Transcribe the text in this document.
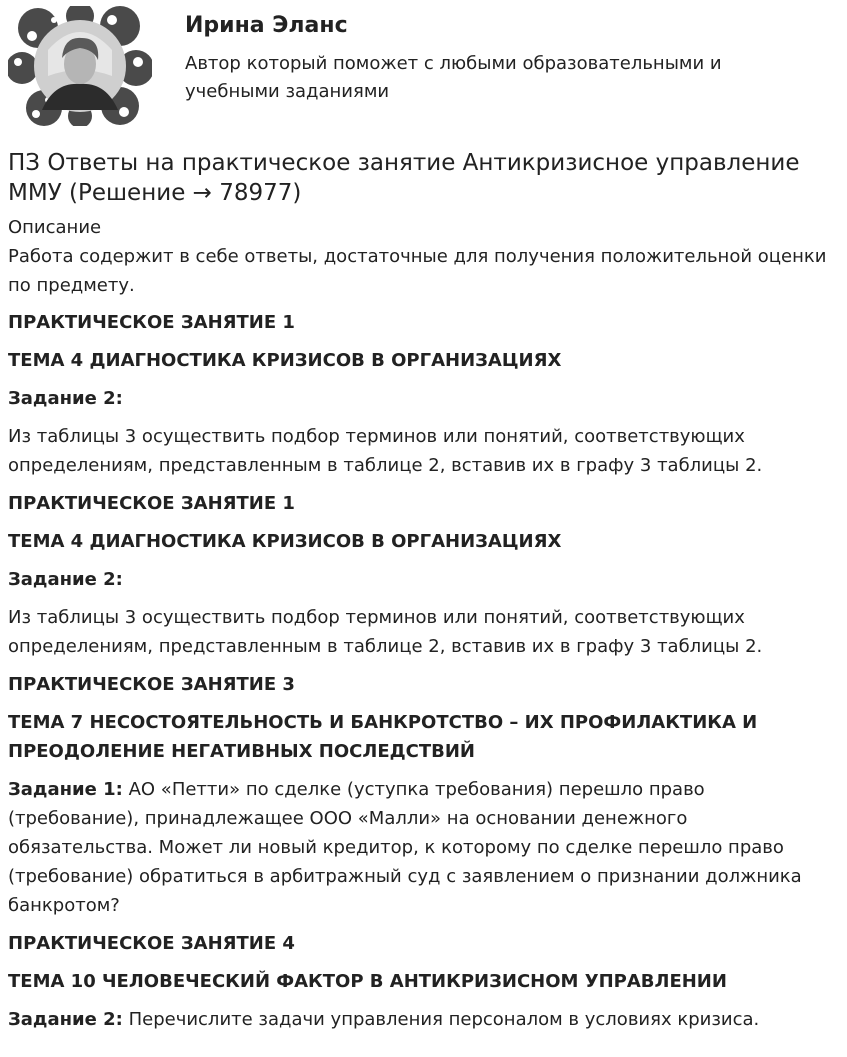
Ирина Эланс
Автор который поможет с любыми образовательными и учебными заданиями
ПЗ Ответы на практическое занятие Антикризисное управление ММУ (Решение → 78977)
Описание
Работа содержит в себе ответы, достаточные для получения положительной оценки по предмету.

ПРАКТИЧЕСКОЕ ЗАНЯТИЕ 1

ТЕМА 4 ДИАГНОСТИКА КРИЗИСОВ В ОРГАНИЗАЦИЯХ

Задание 2:

Из таблицы 3 осуществить подбор терминов или понятий, соответствующих определениям, представленным в таблице 2, вставив их в графу 3 таблицы 2.

ПРАКТИЧЕСКОЕ ЗАНЯТИЕ 1

ТЕМА 4 ДИАГНОСТИКА КРИЗИСОВ В ОРГАНИЗАЦИЯХ

Задание 2:

Из таблицы 3 осуществить подбор терминов или понятий, соответствующих определениям, представленным в таблице 2, вставив их в графу 3 таблицы 2.

ПРАКТИЧЕСКОЕ ЗАНЯТИЕ 3

ТЕМА 7 НЕСОСТОЯТЕЛЬНОСТЬ И БАНКРОТСТВО – ИХ ПРОФИЛАКТИКА И ПРЕОДОЛЕНИЕ НЕГАТИВНЫХ ПОСЛЕДСТВИЙ

Задание 1: АО «Петти» по сделке (уступка требования) перешло право (требование), принадлежащее ООО «Малли» на основании денежного обязательства. Может ли новый кредитор, к которому по сделке перешло право (требование) обратиться в арбитражный суд с заявлением о признании должника банкротом?

ПРАКТИЧЕСКОЕ ЗАНЯТИЕ 4

ТЕМА 10 ЧЕЛОВЕЧЕСКИЙ ФАКТОР В АНТИКРИЗИСНОМ УПРАВЛЕНИИ

Задание 2: Перечислите задачи управления персоналом в условиях кризиса.
